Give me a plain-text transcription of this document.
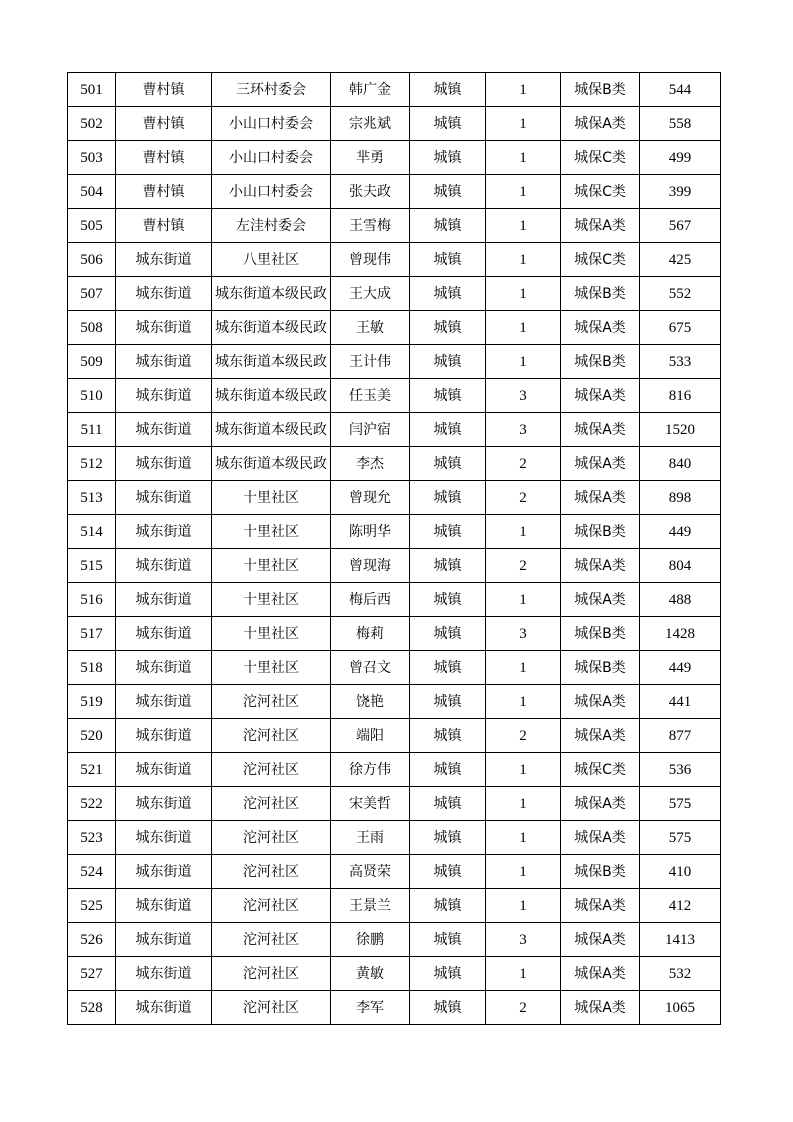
501	曹村镇	三环村委会	韩广金	城镇	1	城保B类	544
502	曹村镇	小山口村委会	宗兆斌	城镇	1	城保A类	558
503	曹村镇	小山口村委会	芈勇	城镇	1	城保C类	499
504	曹村镇	小山口村委会	张夫政	城镇	1	城保C类	399
505	曹村镇	左洼村委会	王雪梅	城镇	1	城保A类	567
506	城东街道	八里社区	曾现伟	城镇	1	城保C类	425
507	城东街道	城东街道本级民政	王大成	城镇	1	城保B类	552
508	城东街道	城东街道本级民政	王敏	城镇	1	城保A类	675
509	城东街道	城东街道本级民政	王计伟	城镇	1	城保B类	533
510	城东街道	城东街道本级民政	任玉美	城镇	3	城保A类	816
511	城东街道	城东街道本级民政	闫沪宿	城镇	3	城保A类	1520
512	城东街道	城东街道本级民政	李杰	城镇	2	城保A类	840
513	城东街道	十里社区	曾现允	城镇	2	城保A类	898
514	城东街道	十里社区	陈明华	城镇	1	城保B类	449
515	城东街道	十里社区	曾现海	城镇	2	城保A类	804
516	城东街道	十里社区	梅后西	城镇	1	城保A类	488
517	城东街道	十里社区	梅莉	城镇	3	城保B类	1428
518	城东街道	十里社区	曾召文	城镇	1	城保B类	449
519	城东街道	沱河社区	饶艳	城镇	1	城保A类	441
520	城东街道	沱河社区	端阳	城镇	2	城保A类	877
521	城东街道	沱河社区	徐方伟	城镇	1	城保C类	536
522	城东街道	沱河社区	宋美哲	城镇	1	城保A类	575
523	城东街道	沱河社区	王雨	城镇	1	城保A类	575
524	城东街道	沱河社区	高贤荣	城镇	1	城保B类	410
525	城东街道	沱河社区	王景兰	城镇	1	城保A类	412
526	城东街道	沱河社区	徐鹏	城镇	3	城保A类	1413
527	城东街道	沱河社区	黄敏	城镇	1	城保A类	532
528	城东街道	沱河社区	李军	城镇	2	城保A类	1065
